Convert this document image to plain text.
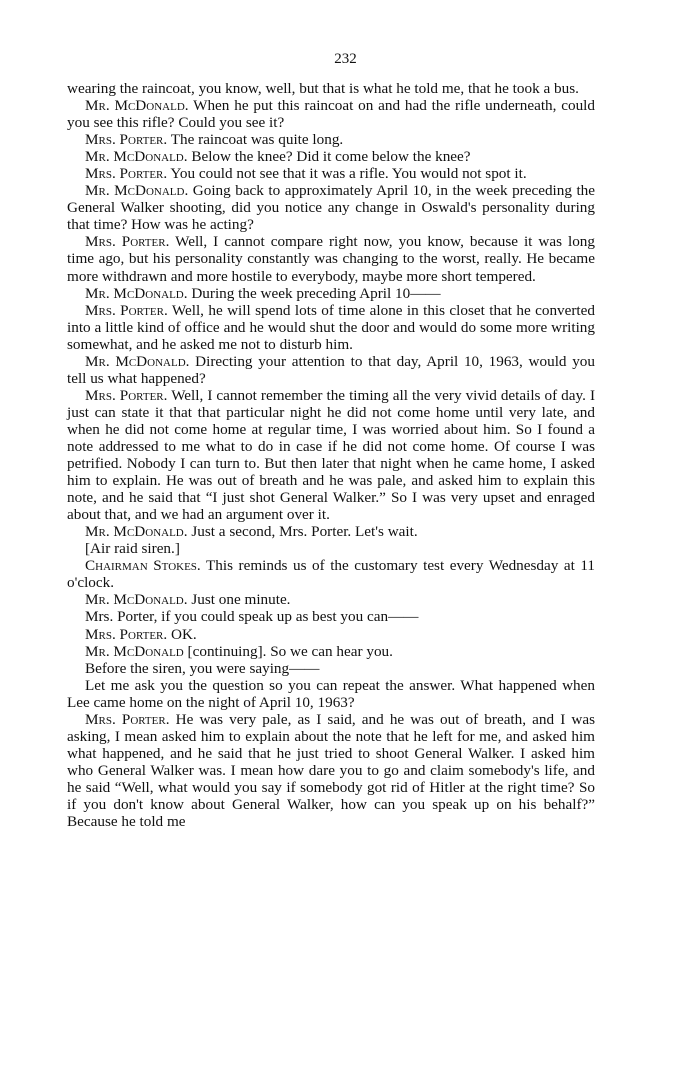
232

wearing the raincoat, you know, well, but that is what he told me, that he took a bus.

Mr. McDonald. When he put this raincoat on and had the rifle underneath, could you see this rifle? Could you see it?

Mrs. Porter. The raincoat was quite long.

Mr. McDonald. Below the knee? Did it come below the knee?

Mrs. Porter. You could not see that it was a rifle. You would not spot it.

Mr. McDonald. Going back to approximately April 10, in the week preceding the General Walker shooting, did you notice any change in Oswald's personality during that time? How was he acting?

Mrs. Porter. Well, I cannot compare right now, you know, because it was long time ago, but his personality constantly was changing to the worst, really. He became more withdrawn and more hostile to everybody, maybe more short tempered.

Mr. McDonald. During the week preceding April 10——

Mrs. Porter. Well, he will spend lots of time alone in this closet that he converted into a little kind of office and he would shut the door and would do some more writing somewhat, and he asked me not to disturb him.

Mr. McDonald. Directing your attention to that day, April 10, 1963, would you tell us what happened?

Mrs. Porter. Well, I cannot remember the timing all the very vivid details of day. I just can state it that that particular night he did not come home until very late, and when he did not come home at regular time, I was worried about him. So I found a note addressed to me what to do in case if he did not come home. Of course I was petrified. Nobody I can turn to. But then later that night when he came home, I asked him to explain. He was out of breath and he was pale, and asked him to explain this note, and he said that “I just shot General Walker.” So I was very upset and enraged about that, and we had an argument over it.

Mr. McDonald. Just a second, Mrs. Porter. Let's wait.

[Air raid siren.]

Chairman Stokes. This reminds us of the customary test every Wednesday at 11 o'clock.

Mr. McDonald. Just one minute.

Mrs. Porter, if you could speak up as best you can——

Mrs. Porter. OK.

Mr. McDonald [continuing]. So we can hear you.

Before the siren, you were saying——

Let me ask you the question so you can repeat the answer. What happened when Lee came home on the night of April 10, 1963?

Mrs. Porter. He was very pale, as I said, and he was out of breath, and I was asking, I mean asked him to explain about the note that he left for me, and asked him what happened, and he said that he just tried to shoot General Walker. I asked him who General Walker was. I mean how dare you to go and claim somebody's life, and he said “Well, what would you say if somebody got rid of Hitler at the right time? So if you don't know about General Walker, how can you speak up on his behalf?” Because he told me
